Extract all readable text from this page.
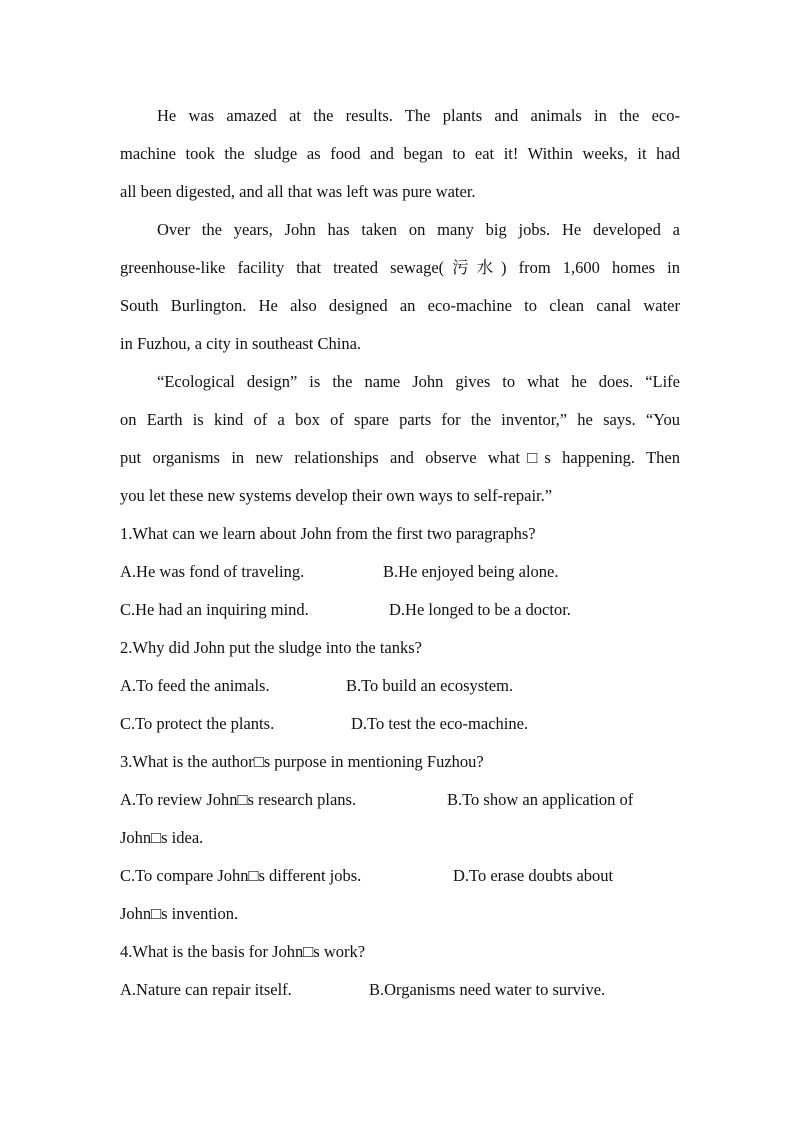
He was amazed at the results. The plants and animals in the eco-
machine took the sludge as food and began to eat it! Within weeks, it had
all been digested, and all that was left was pure water.
Over the years, John has taken on many big jobs. He developed a
greenhouse-like facility that treated sewage(污水) from 1,600 homes in
South Burlington. He also designed an eco-machine to clean canal water
in Fuzhou, a city in southeast China.
“Ecological design” is the name John gives to what he does. “Life
on Earth is kind of a box of spare parts for the inventor,” he says. “You
put organisms in new relationships and observe what□s happening. Then
you let these new systems develop their own ways to self-repair.”
1.What can we learn about John from the first two paragraphs?
A.He was fond of traveling.	B.He enjoyed being alone.
C.He had an inquiring mind.	D.He longed to be a doctor.
2.Why did John put the sludge into the tanks?
A.To feed the animals.	B.To build an ecosystem.
C.To protect the plants.	D.To test the eco-machine.
3.What is the author□s purpose in mentioning Fuzhou?
A.To review John□s research plans.	B.To show an application of
John□s idea.
C.To compare John□s different jobs.	D.To erase doubts about
John□s invention.
4.What is the basis for John□s work?
A.Nature can repair itself.	B.Organisms need water to survive.
